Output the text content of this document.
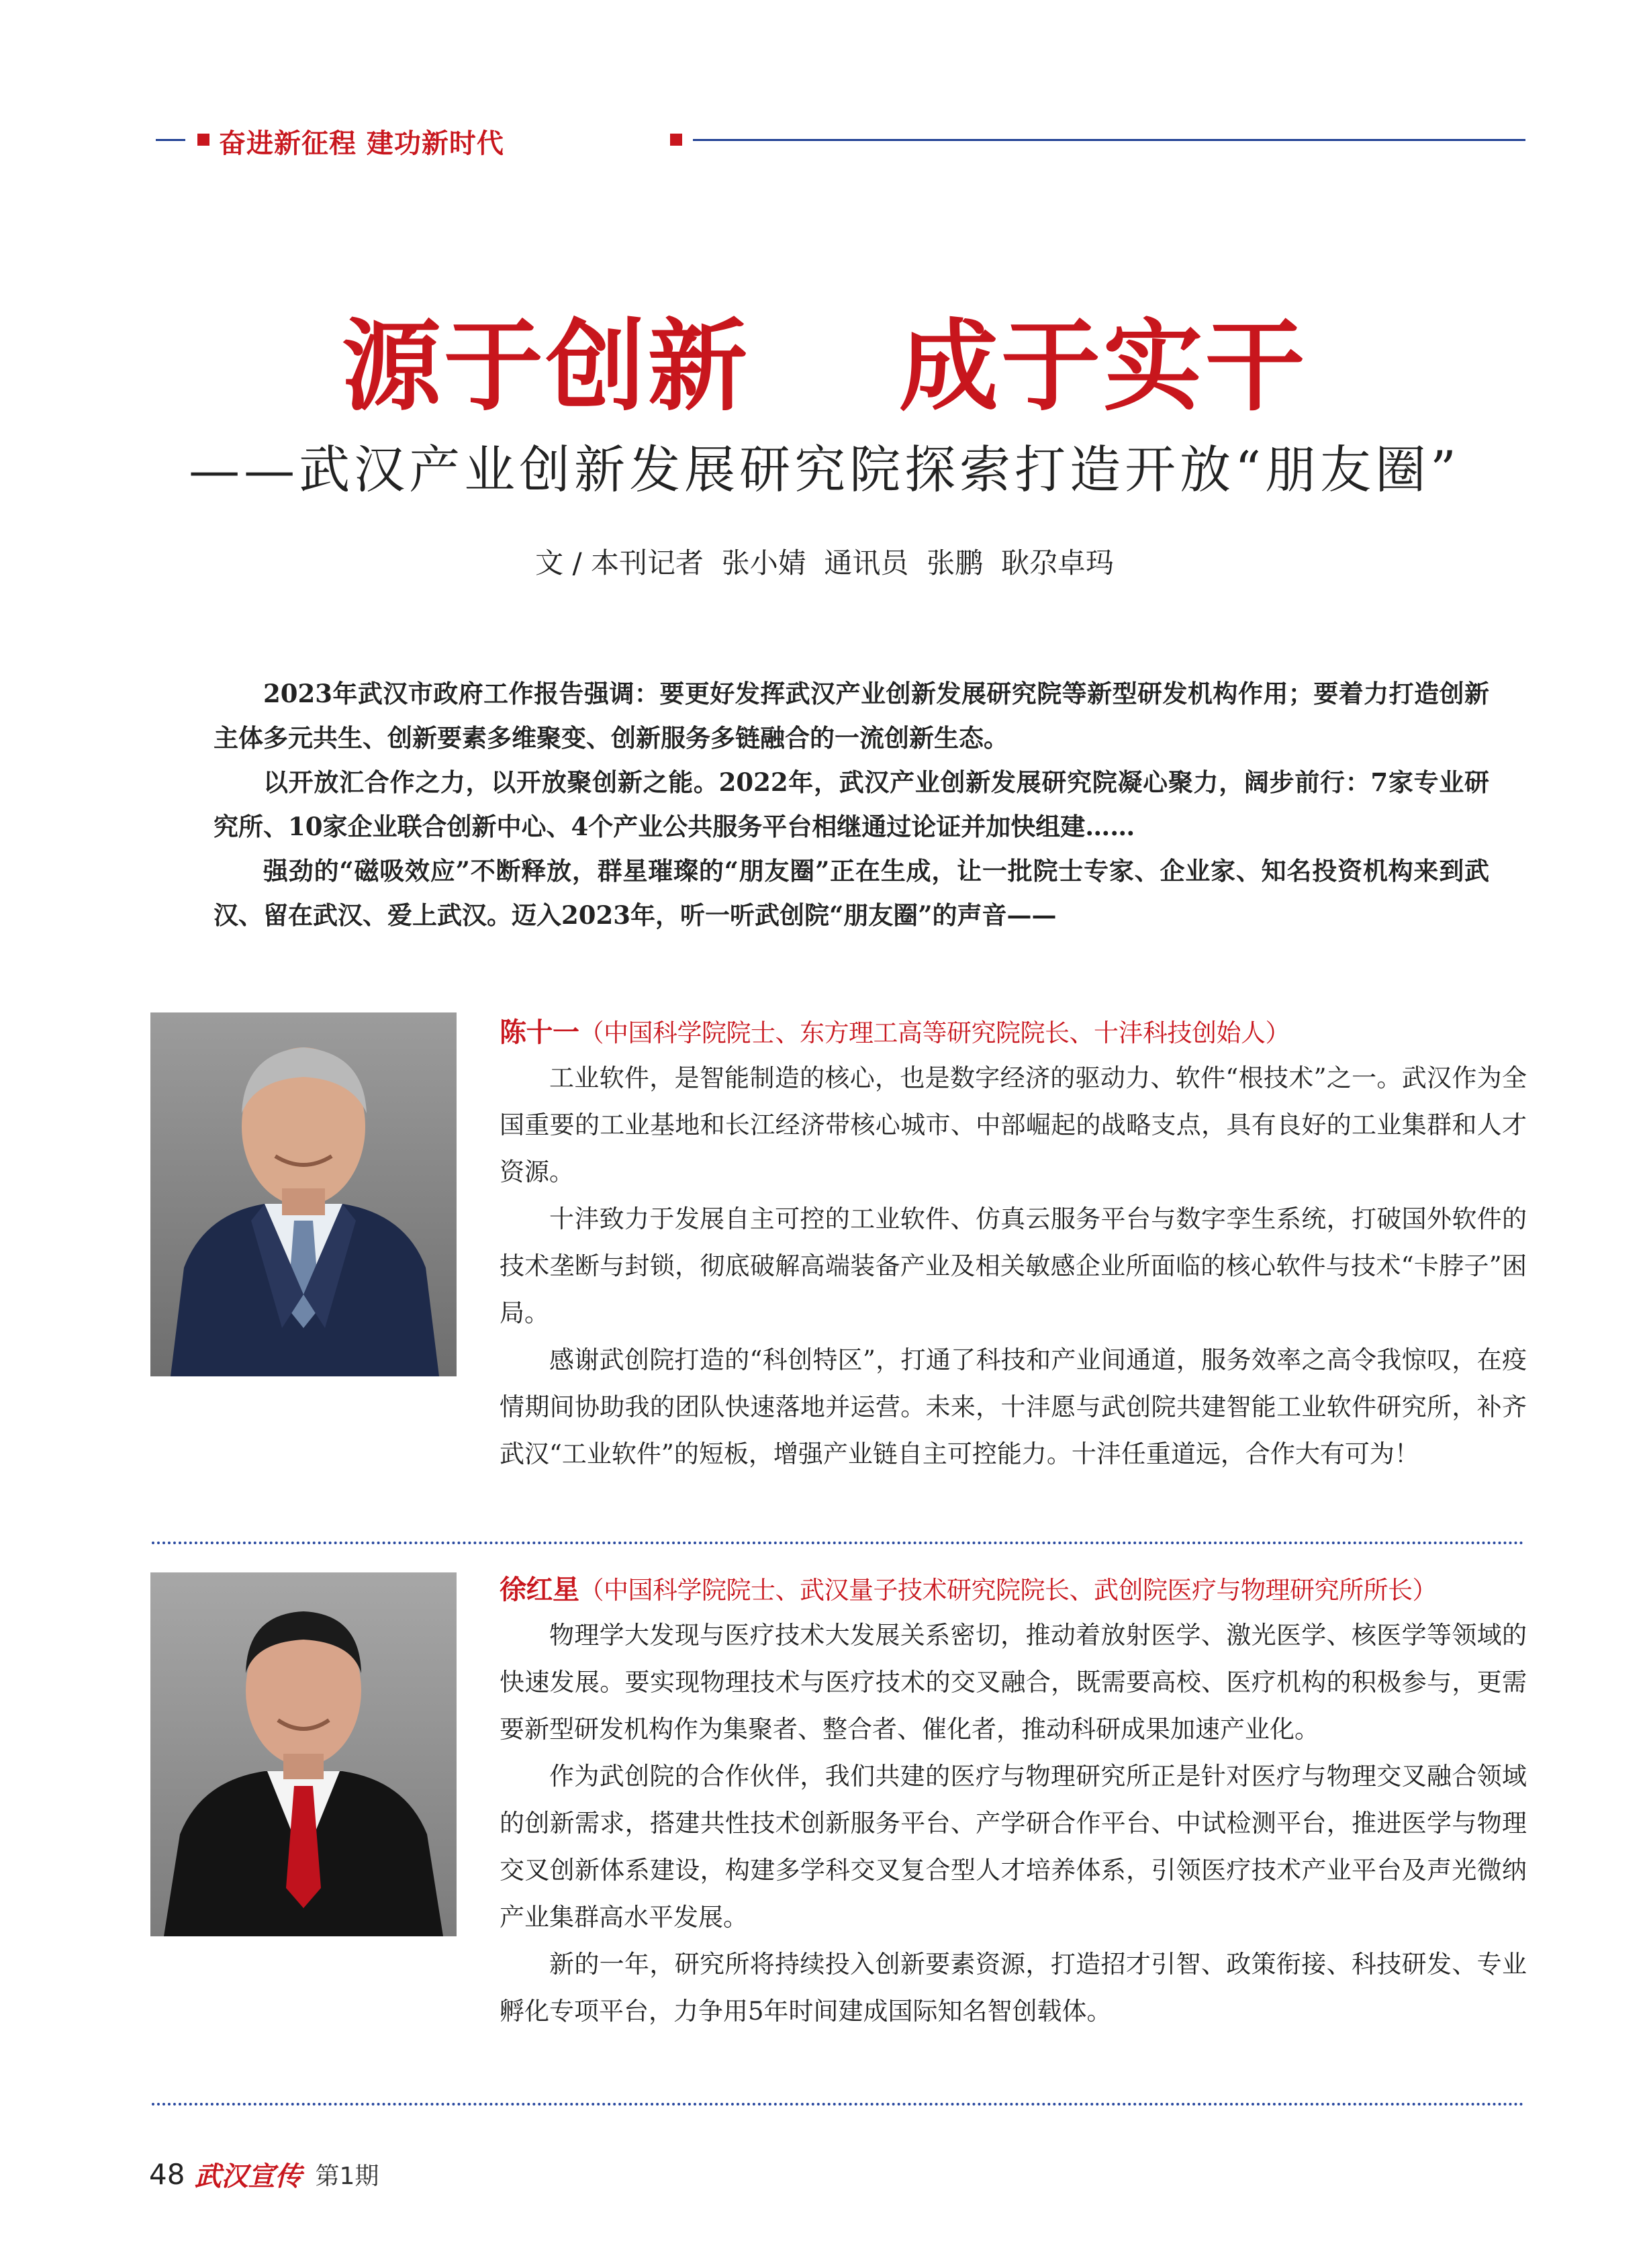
奋进新征程 建功新时代
源于创新    成于实干
——武汉产业创新发展研究院探索打造开放“朋友圈”
文 / 本刊记者  张小婧  通讯员  张鹏  耿尕卓玛

2023年武汉市政府工作报告强调：要更好发挥武汉产业创新发展研究院等新型研发机构作用；要着力打造创新主体多元共生、创新要素多维聚变、创新服务多链融合的一流创新生态。

以开放汇合作之力，以开放聚创新之能。2022年，武汉产业创新发展研究院凝心聚力，阔步前行：7家专业研究所、10家企业联合创新中心、4个产业公共服务平台相继通过论证并加快组建……

强劲的“磁吸效应”不断释放，群星璀璨的“朋友圈”正在生成，让一批院士专家、企业家、知名投资机构来到武汉、留在武汉、爱上武汉。迈入2023年，听一听武创院“朋友圈”的声音——

陈十一（中国科学院院士、东方理工高等研究院院长、十沣科技创始人）

工业软件，是智能制造的核心，也是数字经济的驱动力、软件“根技术”之一。武汉作为全国重要的工业基地和长江经济带核心城市、中部崛起的战略支点，具有良好的工业集群和人才资源。

十沣致力于发展自主可控的工业软件、仿真云服务平台与数字孪生系统，打破国外软件的技术垄断与封锁，彻底破解高端装备产业及相关敏感企业所面临的核心软件与技术“卡脖子”困局。

感谢武创院打造的“科创特区”，打通了科技和产业间通道，服务效率之高令我惊叹，在疫情期间协助我的团队快速落地并运营。未来，十沣愿与武创院共建智能工业软件研究所，补齐武汉“工业软件”的短板，增强产业链自主可控能力。十沣任重道远，合作大有可为！

徐红星（中国科学院院士、武汉量子技术研究院院长、武创院医疗与物理研究所所长）

物理学大发现与医疗技术大发展关系密切，推动着放射医学、激光医学、核医学等领域的快速发展。要实现物理技术与医疗技术的交叉融合，既需要高校、医疗机构的积极参与，更需要新型研发机构作为集聚者、整合者、催化者，推动科研成果加速产业化。

作为武创院的合作伙伴，我们共建的医疗与物理研究所正是针对医疗与物理交叉融合领域的创新需求，搭建共性技术创新服务平台、产学研合作平台、中试检测平台，推进医学与物理交叉创新体系建设，构建多学科交叉复合型人才培养体系，引领医疗技术产业平台及声光微纳产业集群高水平发展。

新的一年，研究所将持续投入创新要素资源，打造招才引智、政策衔接、科技研发、专业孵化专项平台，力争用5年时间建成国际知名智创载体。

48 武汉宣传 第1期
